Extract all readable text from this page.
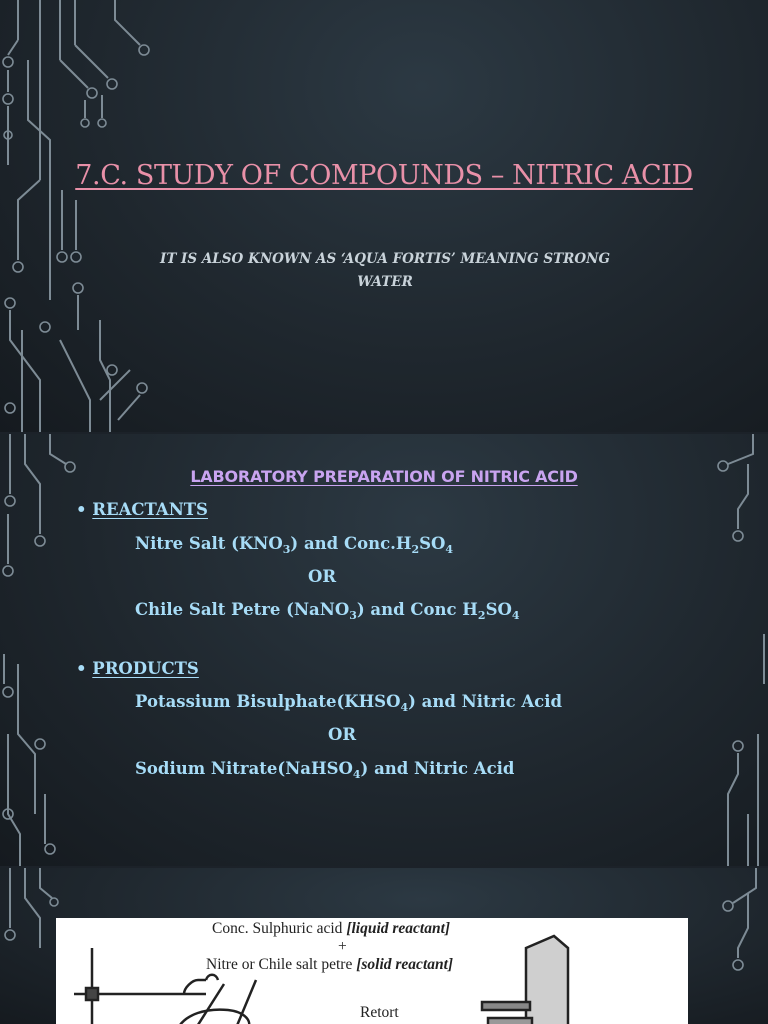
7.C. STUDY OF COMPOUNDS – NITRIC ACID
IT IS ALSO KNOWN AS ‘AQUA FORTIS’ MEANING STRONG WATER
LABORATORY PREPARATION OF NITRIC ACID
• REACTANTS
Nitre Salt $(KNO_3)$ and $Conc.H_2SO_4$
OR
Chile Salt Petre (NaNO$_3$) and Conc $H_2SO_4$
• PRODUCTS
Potassium $Bisulphate(KHSO_4)$ and Nitric Acid
OR
Sodium Nitrate(NaHSO$_4$) and Nitric Acid
Conc. Sulphuric acid [liquid reactant]
+
Nitre or Chile salt petre [solid reactant]
Retort
